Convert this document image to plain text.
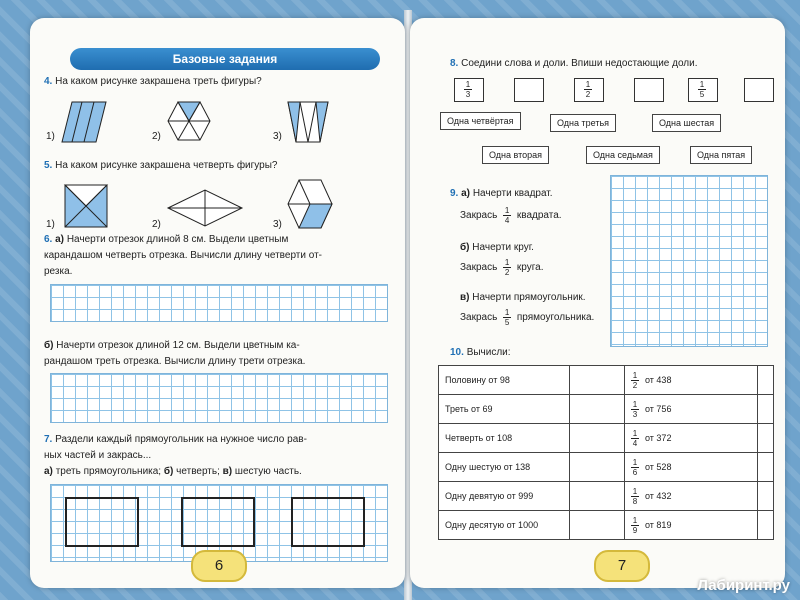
Базовые задания
4. На каком рисунке закрашена треть фигуры?
1)	2)	3)
5. На каком рисунке закрашена четверть фигуры?
1)	2)	3)
6. а) Начерти отрезок длиной 8 см. Выдели цветным
карандашом четверть отрезка. Вычисли длину четверти от-
резка.
б) Начерти отрезок длиной 12 см. Выдели цветным ка-
рандашом треть отрезка. Вычисли длину трети отрезка.
7. Раздели каждый прямоугольник на нужное число рав-
ных частей и закрась...
а) треть прямоугольника; б) четверть; в) шестую часть.
6
8. Соедини слова и доли. Впиши недостающие доли.
1
3
1
2
1
5
Одна четвёртая	Одна третья	Одна шестая
Одна вторая	Одна седьмая	Одна пятая
9. а) Начерти квадрат.
Закрась $\frac{1}{4}$ квадрата.
б) Начерти круг.
Закрась $\frac{1}{2}$ круга.
в) Начерти прямоугольник.
Закрась $\frac{1}{5}$ прямоугольника.
10. Вычисли:
Половину от 98		$\frac{1}{2}$ от 438	
Треть от 69		$\frac{1}{3}$ от 756	
Четверть от 108		$\frac{1}{4}$ от 372	
Одну шестую от 138		$\frac{1}{6}$ от 528	
Одну девятую от 999		$\frac{1}{8}$ от 432	
Одну десятую от 1000		$\frac{1}{9}$ от 819	
7
Лабиринт.ру
